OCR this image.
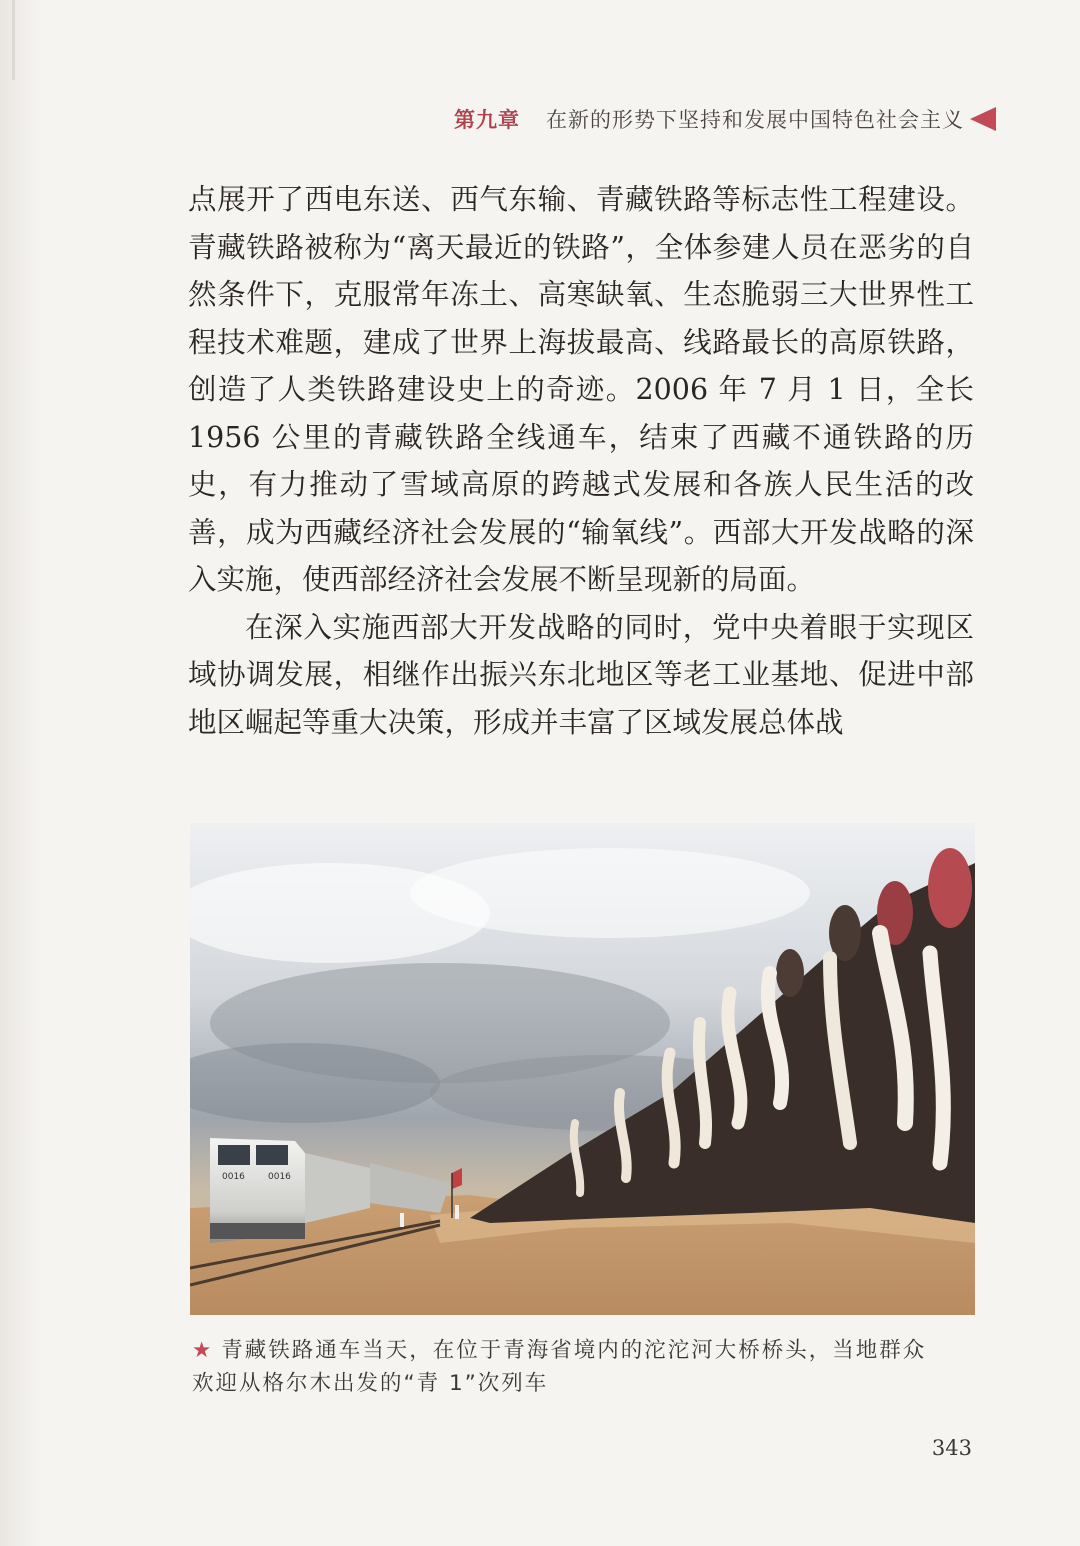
第九章 在新的形势下坚持和发展中国特色社会主义

点展开了西电东送、西气东输、青藏铁路等标志性工程建设。青藏铁路被称为“离天最近的铁路”，全体参建人员在恶劣的自然条件下，克服常年冻土、高寒缺氧、生态脆弱三大世界性工程技术难题，建成了世界上海拔最高、线路最长的高原铁路，创造了人类铁路建设史上的奇迹。2006 年 7 月 1 日，全长 1956 公里的青藏铁路全线通车，结束了西藏不通铁路的历史，有力推动了雪域高原的跨越式发展和各族人民生活的改善，成为西藏经济社会发展的“输氧线”。西部大开发战略的深入实施，使西部经济社会发展不断呈现新的局面。

在深入实施西部大开发战略的同时，党中央着眼于实现区域协调发展，相继作出振兴东北地区等老工业基地、促进中部地区崛起等重大决策，形成并丰富了区域发展总体战

0016	0016
★ 青藏铁路通车当天，在位于青海省境内的沱沱河大桥桥头，当地群众
欢迎从格尔木出发的“青 1”次列车
343
